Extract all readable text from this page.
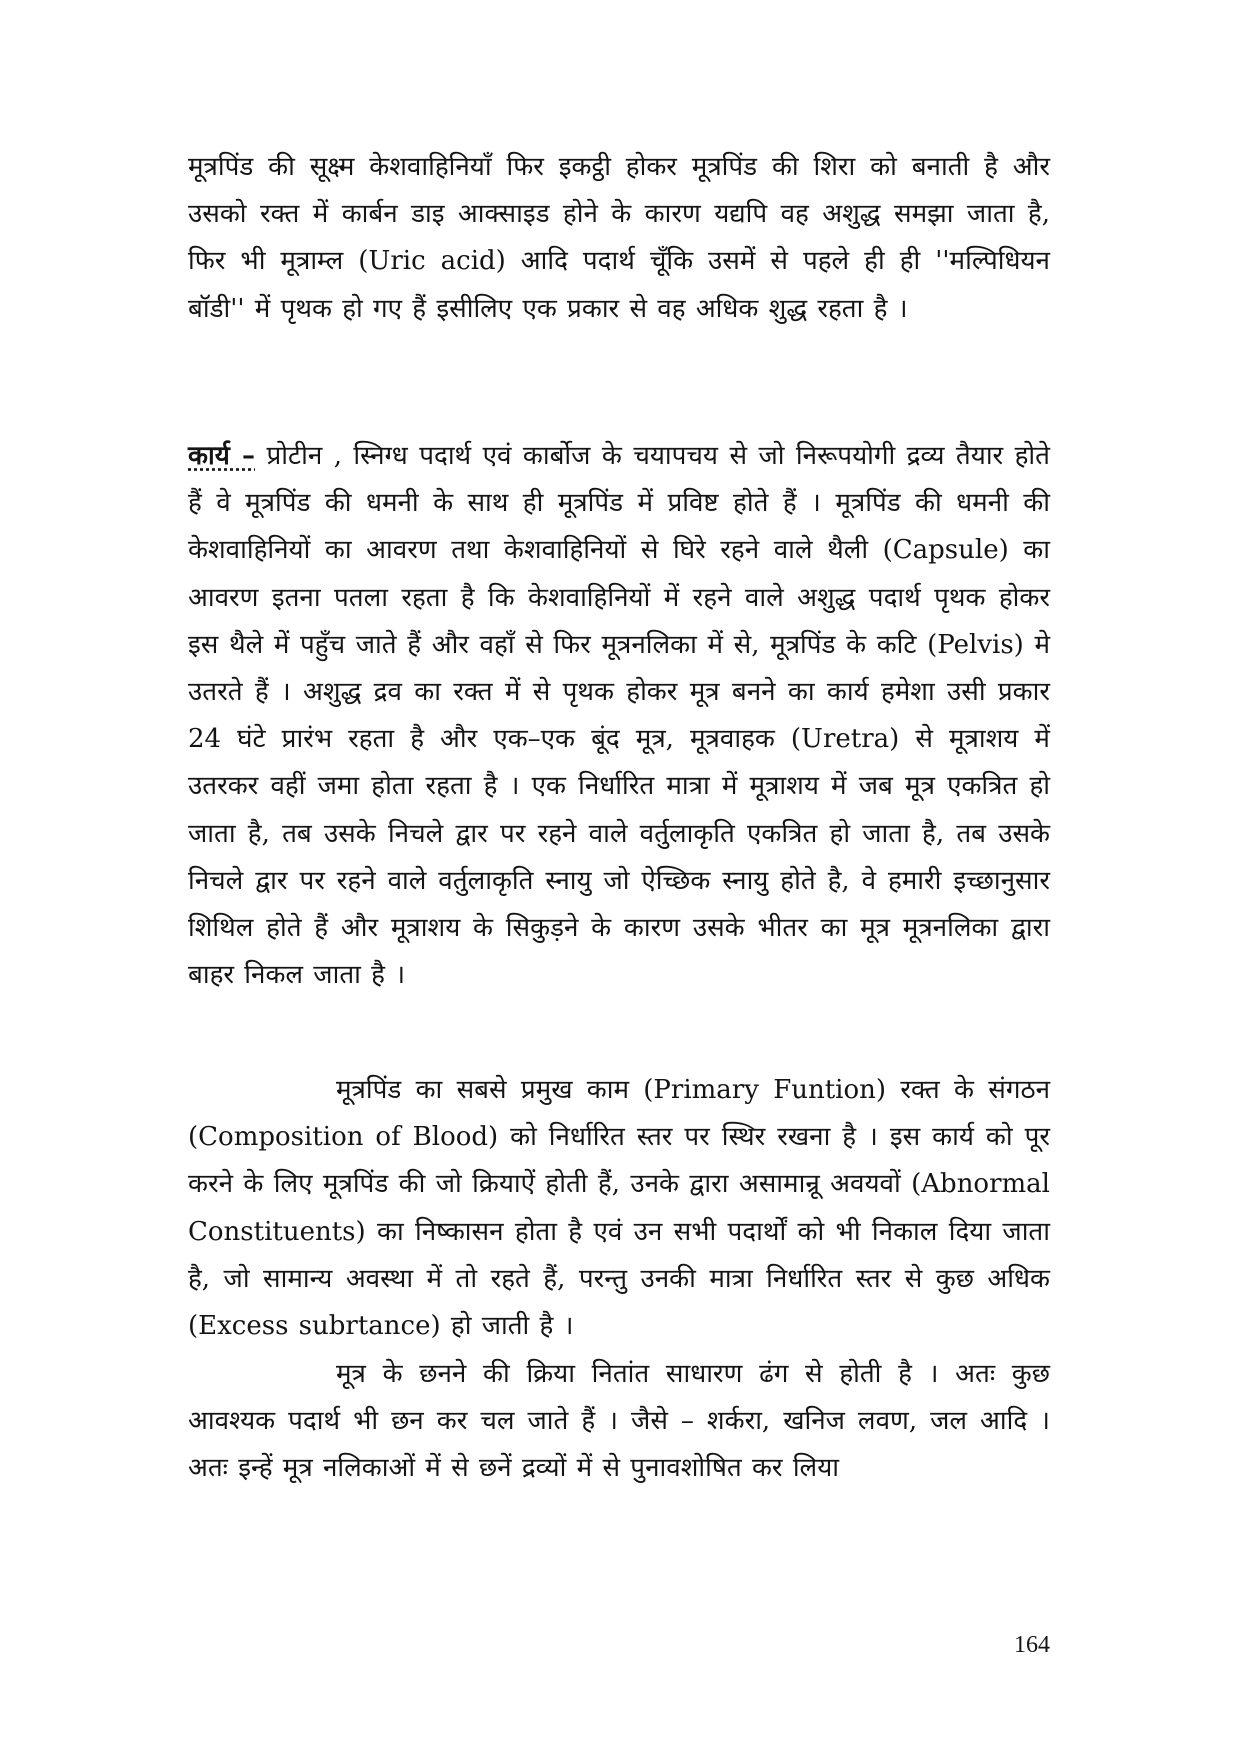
मूत्रपिंड की सूक्ष्म केशवाहिनियाँ फिर इकट्ठी होकर मूत्रपिंड की शिरा को बनाती है और उसको रक्त में कार्बन डाइ आक्साइड होने के कारण यद्यपि वह अशुद्ध समझा जाता है, फिर भी मूत्राम्ल (Uric acid) आदि पदार्थ चूँकि उसमें से पहले ही ही ''मल्पिधियन बॉडी'' में पृथक हो गए हैं इसीलिए एक प्रकार से वह अधिक शुद्ध रहता है ।

कार्य – प्रोटीन , स्निग्ध पदार्थ एवं कार्बोज के चयापचय से जो निरूपयोगी द्रव्य तैयार होते हैं वे मूत्रपिंड की धमनी के साथ ही मूत्रपिंड में प्रविष्ट होते हैं । मूत्रपिंड की धमनी की केशवाहिनियों का आवरण तथा केशवाहिनियों से घिरे रहने वाले थैली (Capsule) का आवरण इतना पतला रहता है कि केशवाहिनियों में रहने वाले अशुद्ध पदार्थ पृथक होकर इस थैले में पहुँच जाते हैं और वहाँ से फिर मूत्रनलिका में से, मूत्रपिंड के कटि (Pelvis) मे उतरते हैं । अशुद्ध द्रव का रक्त में से पृथक होकर मूत्र बनने का कार्य हमेशा उसी प्रकार 24 घंटे प्रारंभ रहता है और एक–एक बूंद मूत्र, मूत्रवाहक (Uretra) से मूत्राशय में उतरकर वहीं जमा होता रहता है । एक निर्धारित मात्रा में मूत्राशय में जब मूत्र एकत्रित हो जाता है, तब उसके निचले द्वार पर रहने वाले वर्तुलाकृति एकत्रित हो जाता है, तब उसके निचले द्वार पर रहने वाले वर्तुलाकृति स्नायु जो ऐच्छिक स्नायु होते है, वे हमारी इच्छानुसार शिथिल होते हैं और मूत्राशय के सिकुड़ने के कारण उसके भीतर का मूत्र मूत्रनलिका द्वारा बाहर निकल जाता है ।

मूत्रपिंड का सबसे प्रमुख काम (Primary Funtion) रक्त के संगठन (Composition of Blood) को निर्धारित स्तर पर स्थिर रखना है । इस कार्य को पूर करने के लिए मूत्रपिंड की जो क्रियाऐं होती हैं, उनके द्वारा असामान्रू अवयवों (Abnormal Constituents) का निष्कासन होता है एवं उन सभी पदार्थों को भी निकाल दिया जाता है, जो सामान्य अवस्था में तो रहते हैं, परन्तु उनकी मात्रा निर्धारित स्तर से कुछ अधिक (Excess subrtance) हो जाती है ।

मूत्र के छनने की क्रिया नितांत साधारण ढंग से होती है । अतः कुछ आवश्यक पदार्थ भी छन कर चल जाते हैं । जैसे – शर्करा, खनिज लवण, जल आदि । अतः इन्हें मूत्र नलिकाओं में से छनें द्रव्यों में से पुनावशोषित कर लिया

164
